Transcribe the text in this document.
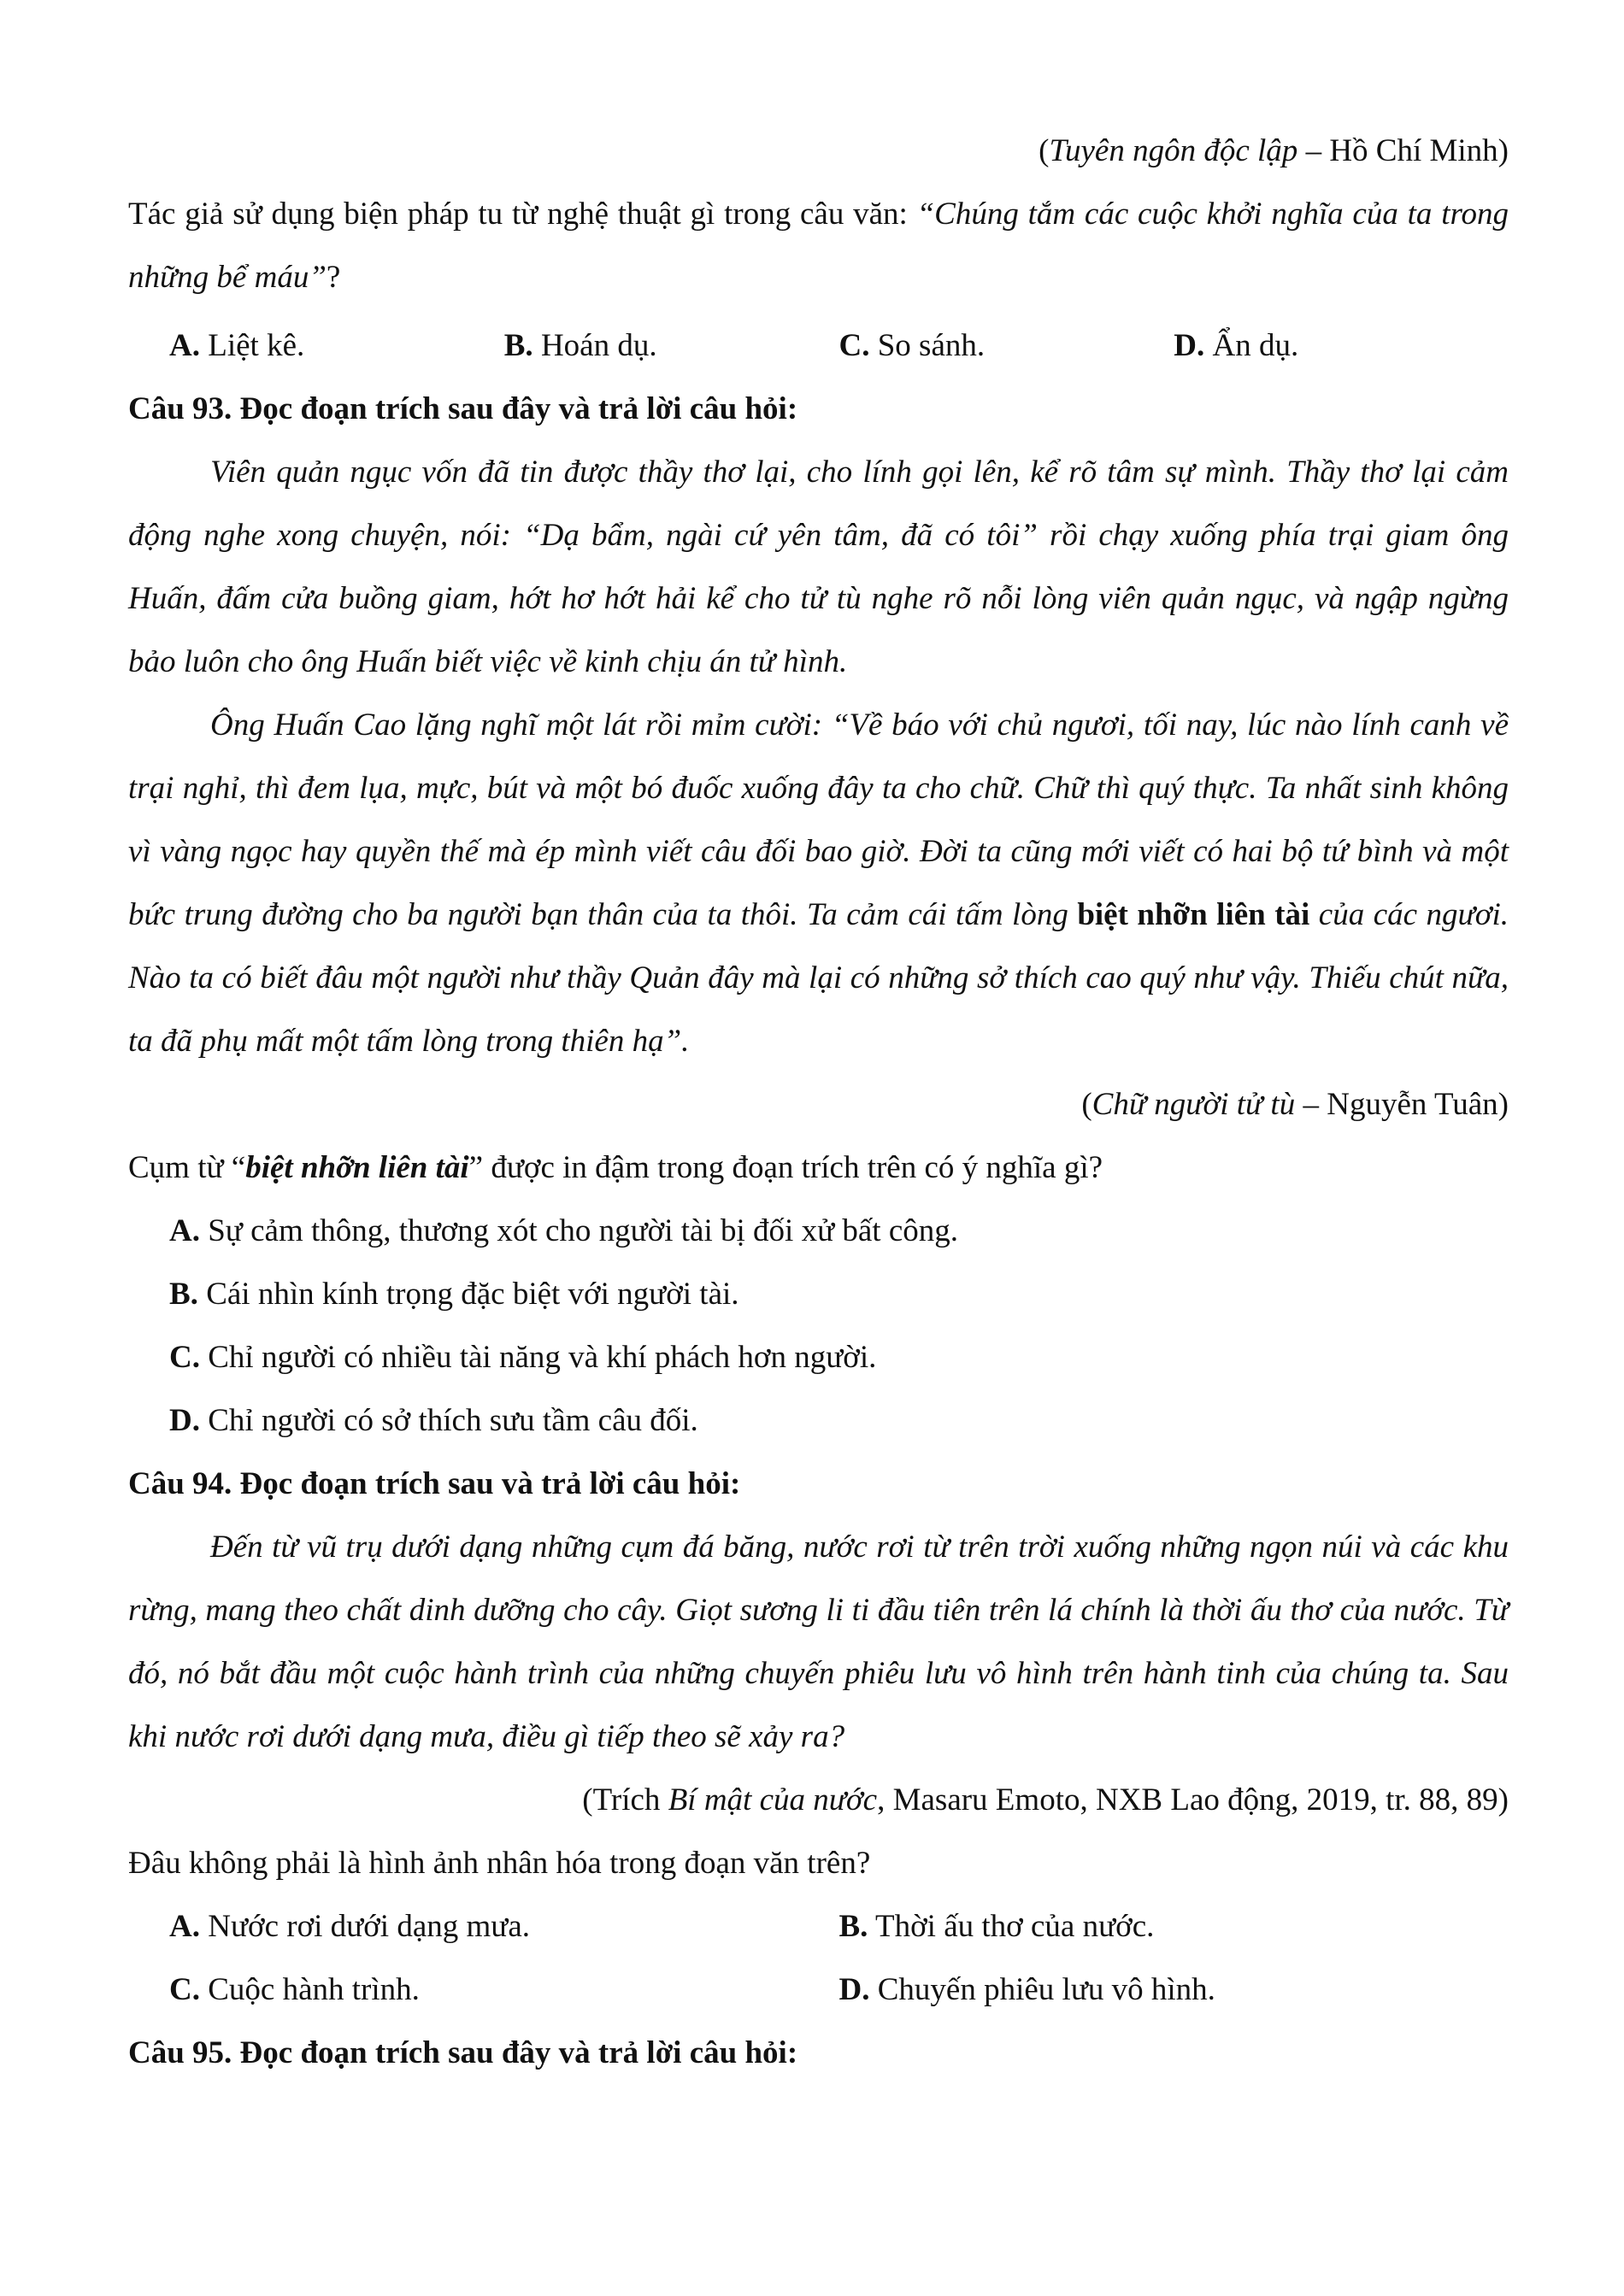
(Tuyên ngôn độc lập – Hồ Chí Minh)

Tác giả sử dụng biện pháp tu từ nghệ thuật gì trong câu văn: “Chúng tắm các cuộc khởi nghĩa của ta trong những bể máu”?

A. Liệt kê.	B. Hoán dụ.	C. So sánh.	D. Ẩn dụ.

Câu 93. Đọc đoạn trích sau đây và trả lời câu hỏi:

Viên quản ngục vốn đã tin được thầy thơ lại, cho lính gọi lên, kể rõ tâm sự mình. Thầy thơ lại cảm động nghe xong chuyện, nói: “Dạ bẩm, ngài cứ yên tâm, đã có tôi” rồi chạy xuống phía trại giam ông Huấn, đấm cửa buồng giam, hớt hơ hớt hải kể cho tử tù nghe rõ nỗi lòng viên quản ngục, và ngập ngừng bảo luôn cho ông Huấn biết việc về kinh chịu án tử hình.

Ông Huấn Cao lặng nghĩ một lát rồi mỉm cười: “Về báo với chủ ngươi, tối nay, lúc nào lính canh về trại nghỉ, thì đem lụa, mực, bút và một bó đuốc xuống đây ta cho chữ. Chữ thì quý thực. Ta nhất sinh không vì vàng ngọc hay quyền thế mà ép mình viết câu đối bao giờ. Đời ta cũng mới viết có hai bộ tứ bình và một bức trung đường cho ba người bạn thân của ta thôi. Ta cảm cái tấm lòng biệt nhỡn liên tài của các ngươi. Nào ta có biết đâu một người như thầy Quản đây mà lại có những sở thích cao quý như vậy. Thiếu chút nữa, ta đã phụ mất một tấm lòng trong thiên hạ”.

(Chữ người tử tù – Nguyễn Tuân)

Cụm từ “biệt nhỡn liên tài” được in đậm trong đoạn trích trên có ý nghĩa gì?

A. Sự cảm thông, thương xót cho người tài bị đối xử bất công.
B. Cái nhìn kính trọng đặc biệt với người tài.
C. Chỉ người có nhiều tài năng và khí phách hơn người.
D. Chỉ người có sở thích sưu tầm câu đối.

Câu 94. Đọc đoạn trích sau và trả lời câu hỏi:

Đến từ vũ trụ dưới dạng những cụm đá băng, nước rơi từ trên trời xuống những ngọn núi và các khu rừng, mang theo chất dinh dưỡng cho cây. Giọt sương li ti đầu tiên trên lá chính là thời ấu thơ của nước. Từ đó, nó bắt đầu một cuộc hành trình của những chuyến phiêu lưu vô hình trên hành tinh của chúng ta. Sau khi nước rơi dưới dạng mưa, điều gì tiếp theo sẽ xảy ra?

(Trích Bí mật của nước, Masaru Emoto, NXB Lao động, 2019, tr. 88, 89)

Đâu không phải là hình ảnh nhân hóa trong đoạn văn trên?

A. Nước rơi dưới dạng mưa.	B. Thời ấu thơ của nước.
C. Cuộc hành trình.	D. Chuyến phiêu lưu vô hình.

Câu 95. Đọc đoạn trích sau đây và trả lời câu hỏi:
